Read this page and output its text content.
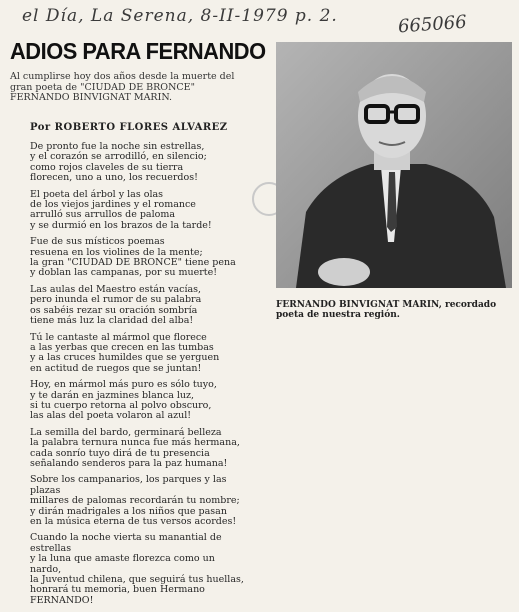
el Día, La Serena, 8-II-1979 p. 2.	665066
ADIOS PARA FERNANDO
Al cumplirse hoy dos años desde la muerte del gran poeta de "CIUDAD DE BRONCE" FERNANDO BINVIGNAT MARIN.
Por ROBERTO FLORES ALVAREZ
De pronto fue la noche sin estrellas,
y el corazón se arrodilló, en silencio;
como rojos claveles de su tierra
florecen, uno a uno, los recuerdos!
El poeta del árbol y las olas
de los viejos jardines y el romance
arrulló sus arrullos de paloma
y se durmió en los brazos de la tarde!
Fue de sus místicos poemas
resuena en los violines de la mente;
la gran "CIUDAD DE BRONCE" tiene pena
y doblan las campanas, por su muerte!
Las aulas del Maestro están vacías,
pero inunda el rumor de su palabra
os sabéis rezar su oración sombría
tiene más luz la claridad del alba!
Tú le cantaste al mármol que florece
a las yerbas que crecen en las tumbas
y a las cruces humildes que se yerguen
en actitud de ruegos que se juntan!
Hoy, en mármol más puro es sólo tuyo,
y te darán en jazmines blanca luz,
si tu cuerpo retorna al polvo obscuro,
las alas del poeta volaron al azul!
La semilla del bardo, germinará belleza
la palabra ternura nunca fue más hermana,
cada sonrío tuyo dirá de tu presencia
señalando senderos para la paz humana!
Sobre los campanarios, los parques y las
plazas
millares de palomas recordarán tu nombre;
y dirán madrigales a los niños que pasan
en la música eterna de tus versos acordes!
Cuando la noche vierta su manantial de
estrellas
y la luna que amaste florezca como un
nardo,
la Juventud chilena, que seguirá tus huellas,
honrará tu memoria, buen Hermano
FERNANDO!
FERNANDO BINVIGNAT MARIN, recordado poeta de nuestra región.
